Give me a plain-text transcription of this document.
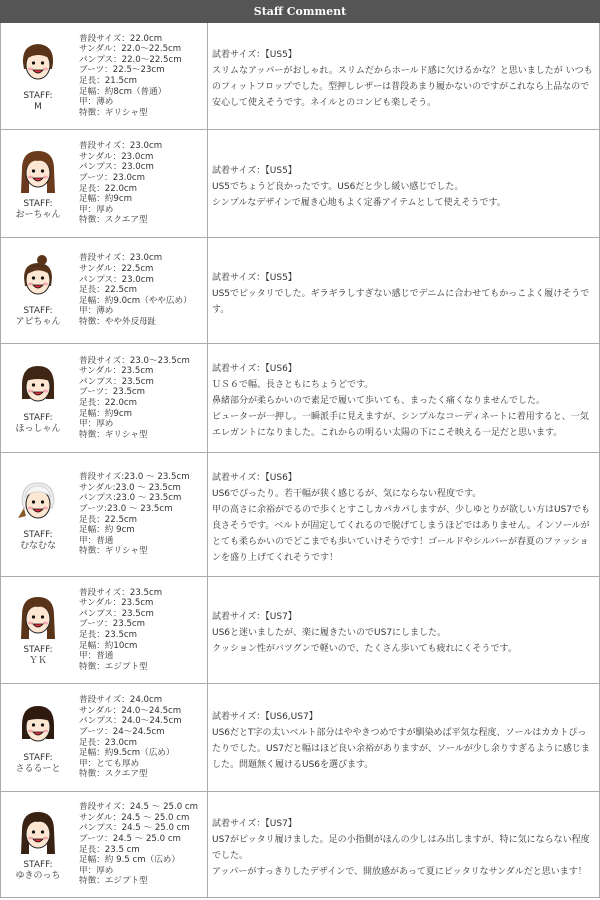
Staff Comment
STAFF:
M
普段サイズ：22.0cm
サンダル：22.0～22.5cm
パンプス：22.0～22.5cm
ブーツ：22.5～23cm
足長：21.5cm
足幅：約8cm（普通）
甲：薄め
特徴：ギリシャ型
試着サイズ：【US5】
スリムなアッパーがおしゃれ。スリムだからホールド感に欠けるかな？と思いましたが いつものフィットフロップでした。型押しレザーは普段あまり履かないのですがこれなら上品なので安心して使えそうです。ネイルとのコンビも楽しそう。
STAFF:
おーちゃん
普段サイズ：23.0cm
サンダル：23.0cm
パンプス：23.0cm
ブーツ：23.0cm
足長：22.0cm
足幅：約9cm
甲：厚め
特徴：スクエア型
試着サイズ：【US5】
US5でちょうど良かったです。US6だと少し緩い感じでした。
シンプルなデザインで履き心地もよく定番アイテムとして使えそうです。
STAFF:
アピちゃん
普段サイズ：23.0cm
サンダル：22.5cm
パンプス：23.0cm
足長：22.5cm
足幅：約9.0cm（やや広め）
甲：薄め
特徴：やや外反母趾
試着サイズ：【US5】
US5でピッタリでした。ギラギラしすぎない感じでデニムに合わせてもかっこよく履けそうです。
STAFF:
ほっしゃん
普段サイズ：23.0～23.5cm
サンダル：23.5cm
パンプス：23.5cm
ブーツ：23.5cm
足長：22.0cm
足幅：約9cm
甲：厚め
特徴：ギリシャ型
試着サイズ：【US6】
ＵＳ６で幅、長さともにちょうどです。
鼻緒部分が柔らかいので素足で履いて歩いても、まったく痛くなりませんでした。
ピューターが一押し。一瞬派手に見えますが、シンプルなコーディネートに着用すると、一気エレガントになりました。これからの明るい太陽の下にこそ映える一足だと思います。
STAFF:
むなむな
普段サイズ:23.0 ～ 23.5cm
サンダル:23.0 ～ 23.5cm
パンプス:23.0 ～ 23.5cm
ブーツ:23.0 ～ 23.5cm
足長：22.5cm
足幅：約 9cm
甲：普通
特徴：ギリシャ型
試着サイズ：【US6】
US6でぴったり。若干幅が狭く感じるが、気にならない程度です。
甲の高さに余裕がでるので歩くとすこしカパカパしますが、少しゆとりが欲しい方はUS7でも良さそうです。ベルトが固定してくれるので脱げてしまうほどではありません。インソールがとても柔らかいのでどこまでも歩いていけそうです！ゴールドやシルバーが春夏のファッションを盛り上げてくれそうです！
STAFF:
ＹＫ
普段サイズ：23.5cm
サンダル：23.5cm
パンプス：23.5cm
ブーツ：23.5cm
足長：23.5cm
足幅：約10cm
甲：普通
特徴：エジプト型
試着サイズ：【US7】
US6と迷いましたが、楽に履きたいのでUS7にしました。
クッション性がバツグンで軽いので、たくさん歩いても疲れにくそうです。
STAFF:
さるるーと
普段サイズ：24.0cm
サンダル：24.0～24.5cm
パンプス：24.0～24.5cm
ブーツ：24～24.5cm
足長：23.0cm
足幅：約9.5cm（広め）
甲：とても厚め
特徴：スクエア型
試着サイズ：【US6,US7】
US6だとT字の太いベルト部分はややきつめですが馴染めば平気な程度、ソールはカカトぴったりでした。US7だと幅はほど良い余裕がありますが、ソールが少し余りすぎるように感じました。問題無く履けるUS6を選びます。
STAFF:
ゆきのっち
普段サイズ：24.5 ～ 25.0 cm
サンダル：24.5 ～ 25.0 cm
パンプス：24.5 ～ 25.0 cm
ブーツ：24.5 ～ 25.0 cm
足長：23.5 cm
足幅：約 9.5 cm（広め）
甲：厚め
特徴：エジプト型
試着サイズ：【US7】
US7がピッタリ履けました。足の小指側がほんの少しはみ出しますが、特に気にならない程度でした。
アッパーがすっきりしたデザインで、開放感があって夏にピッタリなサンダルだと思います！
